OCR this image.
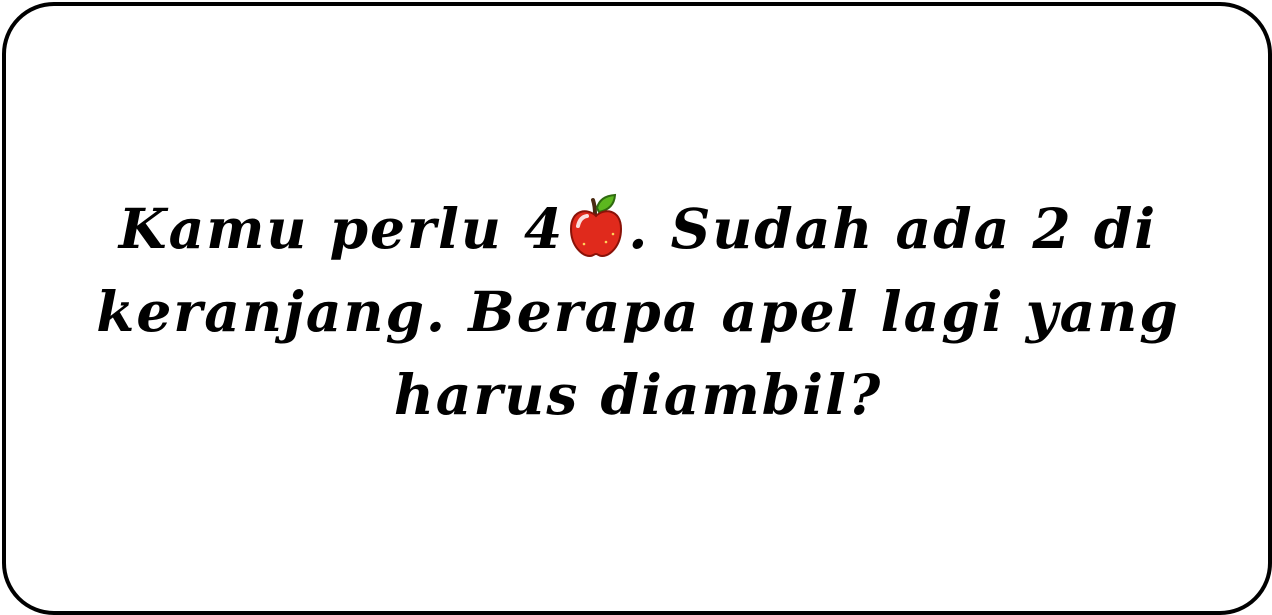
Kamu perlu 4 . Sudah ada 2 di keranjang. Berapa apel lagi yang harus diambil?
